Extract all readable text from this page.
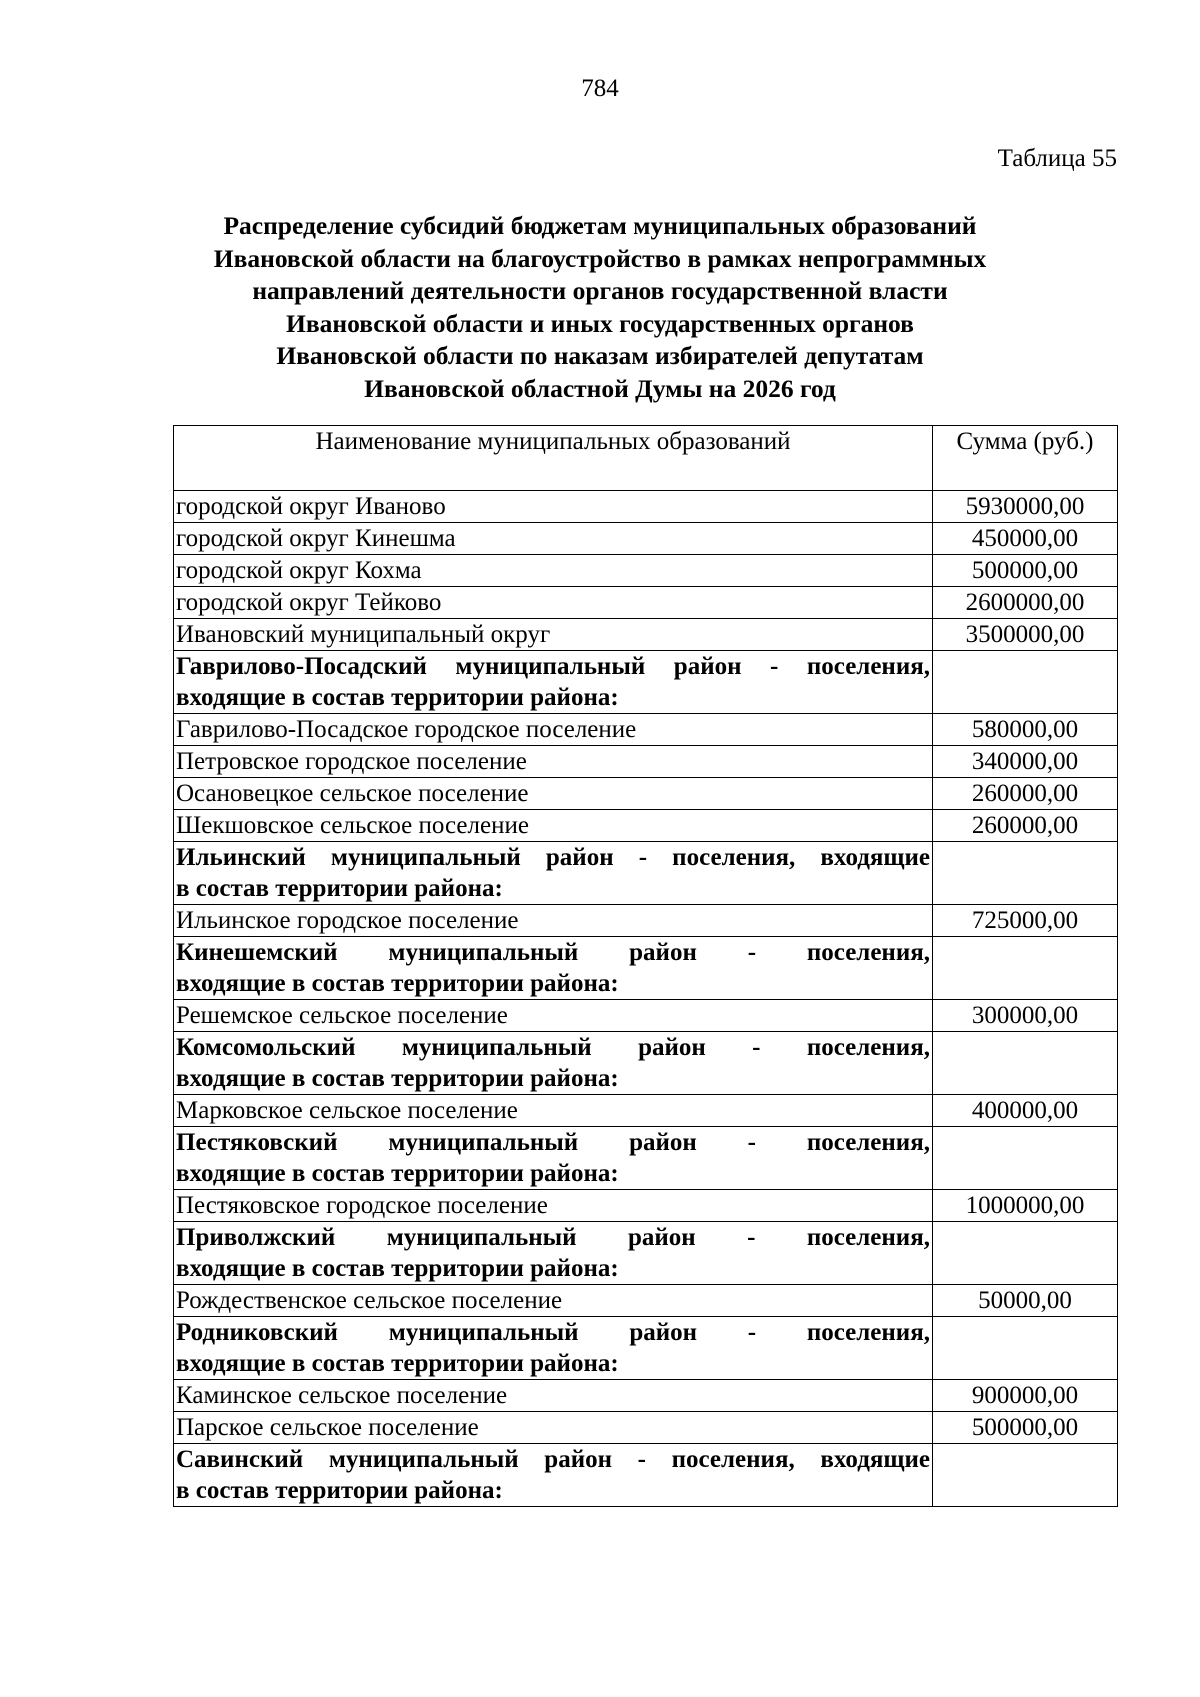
784
Таблица 55
Распределение субсидий бюджетам муниципальных образований
Ивановской области на благоустройство в рамках непрограммных
направлений деятельности органов государственной власти
Ивановской области и иных государственных органов
Ивановской области по наказам избирателей депутатам
Ивановской областной Думы на 2026 год
Наименование муниципальных образований	Сумма (руб.)
городской округ Иваново	5930000,00
городской округ Кинешма	450000,00
городской округ Кохма	500000,00
городской округ Тейково	2600000,00
Ивановский муниципальный округ	3500000,00

Гаврилово-Посадский муниципальный район - поселения,
входящие в состав территории района:	

Гаврилово-Посадское городское поселение	580000,00
Петровское городское поселение	340000,00
Осановецкое сельское поселение	260000,00
Шекшовское сельское поселение	260000,00

Ильинский муниципальный район - поселения, входящие
в состав территории района:	

Ильинское городское поселение	725000,00

Кинешемский муниципальный район - поселения,
входящие в состав территории района:	

Решемское сельское поселение	300000,00

Комсомольский муниципальный район - поселения,
входящие в состав территории района:	

Марковское сельское поселение	400000,00

Пестяковский муниципальный район - поселения,
входящие в состав территории района:	

Пестяковское городское поселение	1000000,00

Приволжский муниципальный район - поселения,
входящие в состав территории района:	

Рождественское сельское поселение	50000,00

Родниковский муниципальный район - поселения,
входящие в состав территории района:	

Каминское сельское поселение	900000,00
Парское сельское поселение	500000,00

Савинский муниципальный район - поселения, входящие
в состав территории района:	
